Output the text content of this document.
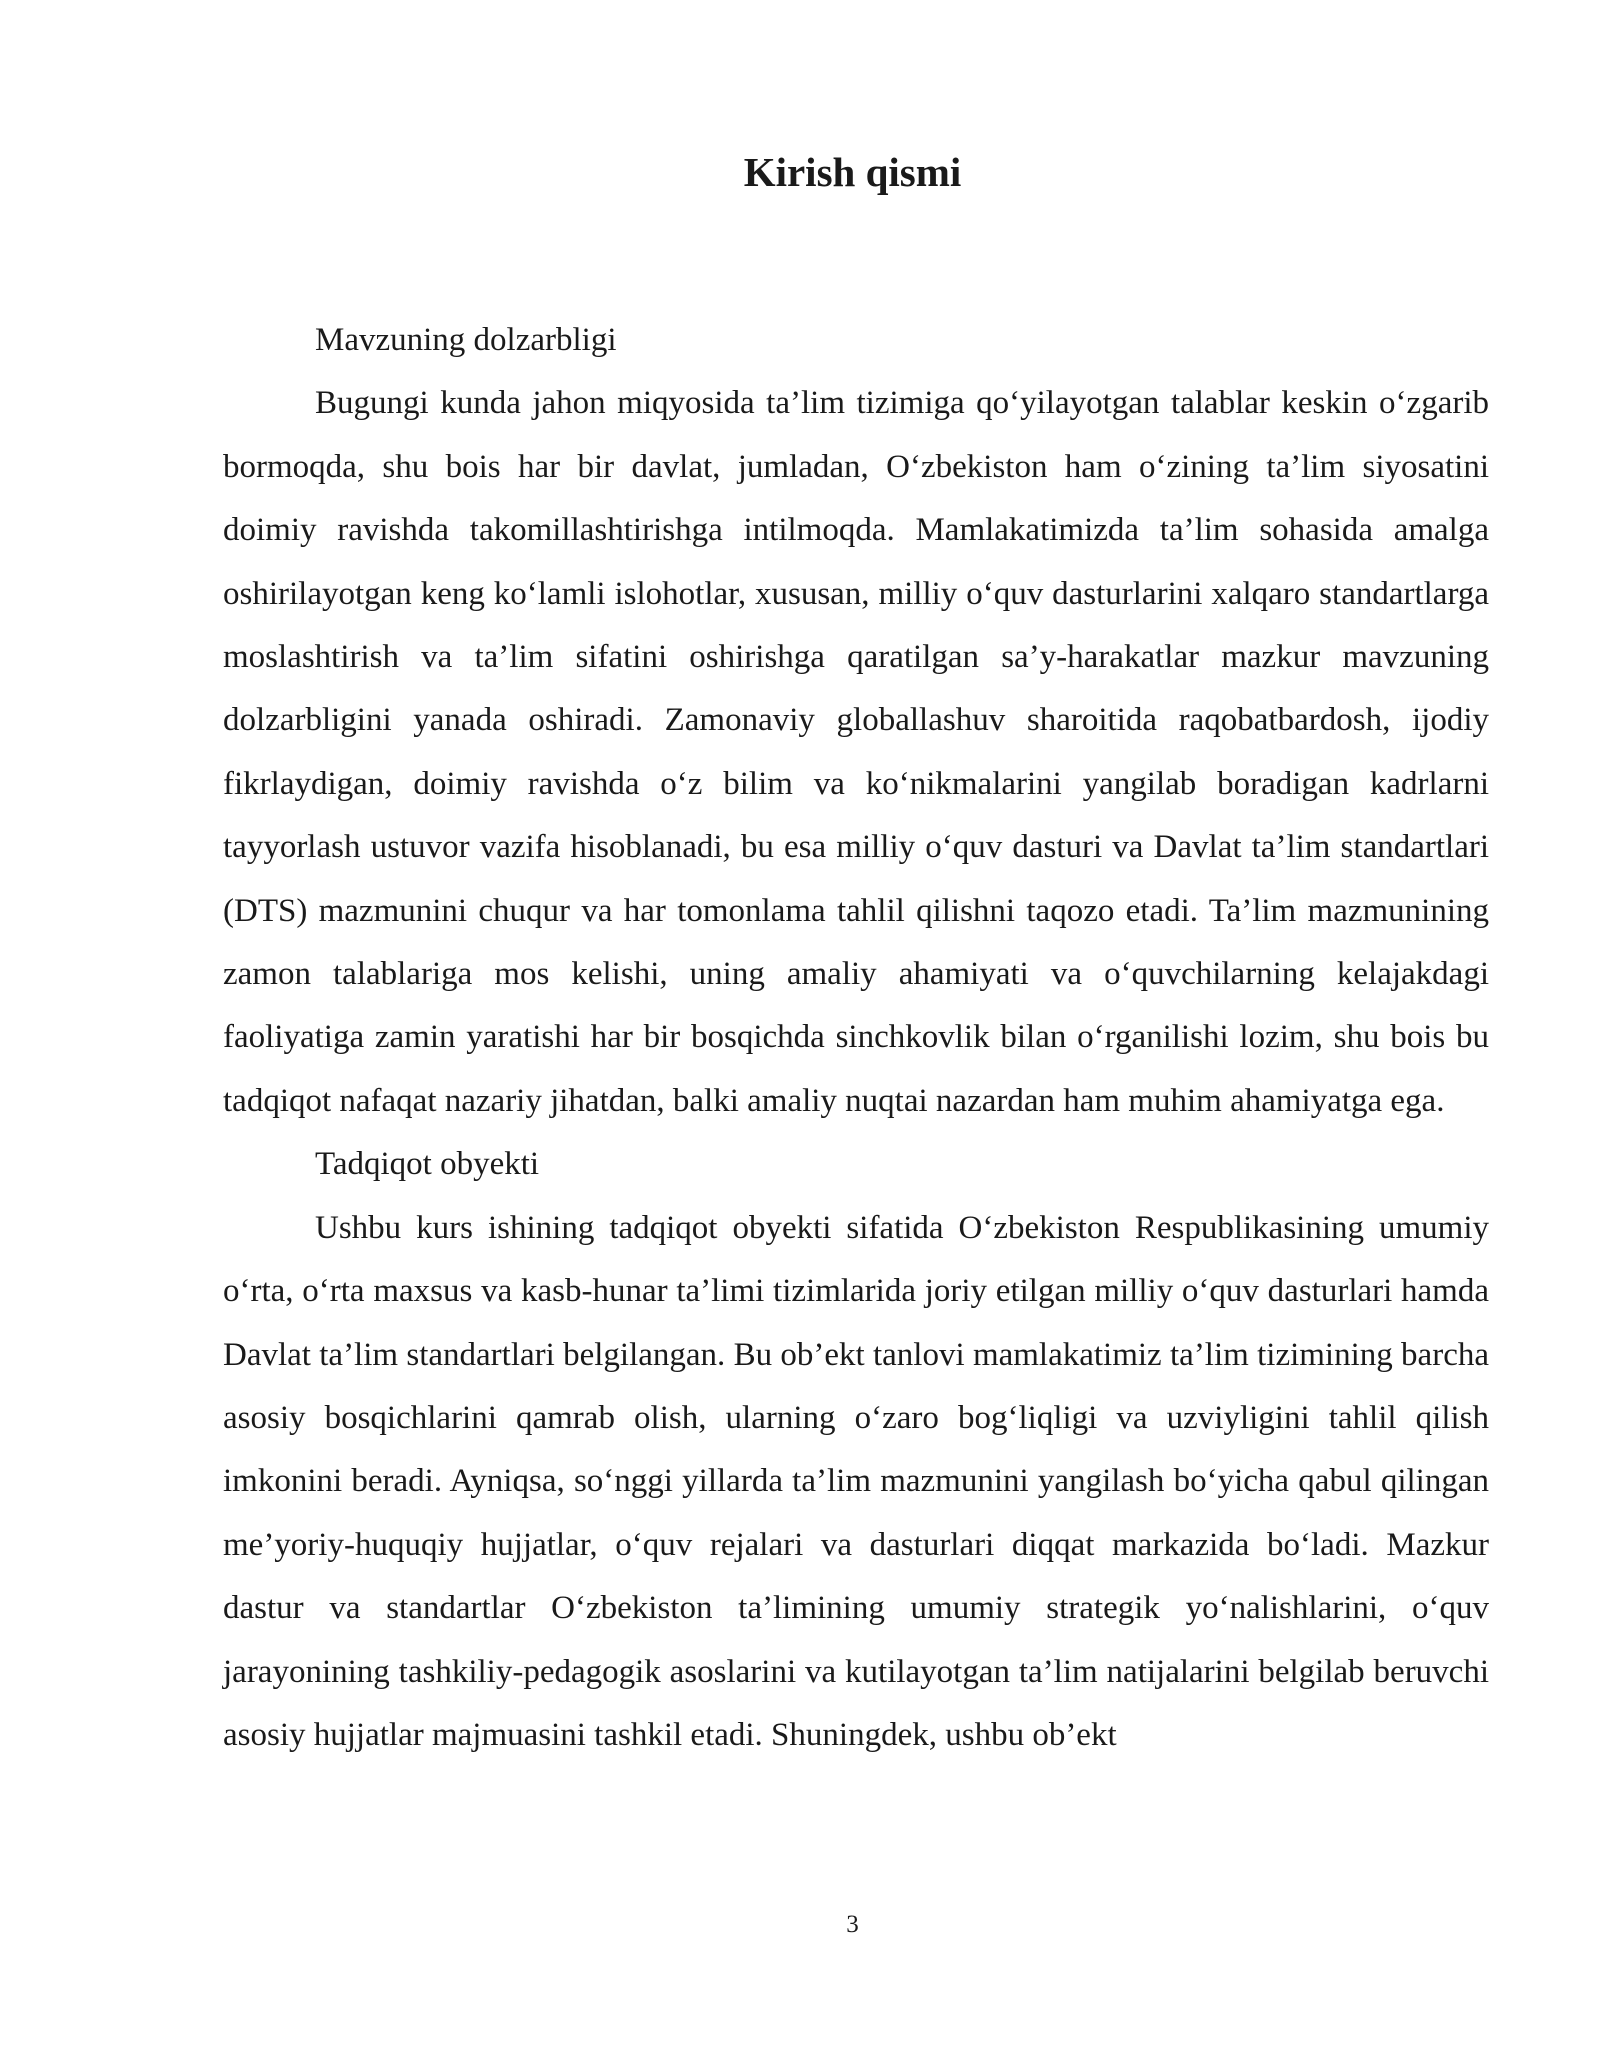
Kirish qismi

Mavzuning dolzarbligi

Bugungi kunda jahon miqyosida ta’lim tizimiga qo‘yilayotgan talablar keskin o‘zgarib bormoqda, shu bois har bir davlat, jumladan, O‘zbekiston ham o‘zining ta’lim siyosatini doimiy ravishda takomillashtirishga intilmoqda. Mamlakatimizda ta’lim sohasida amalga oshirilayotgan keng ko‘lamli islohotlar, xususan, milliy o‘quv dasturlarini xalqaro standartlarga moslashtirish va ta’lim sifatini oshirishga qaratilgan sa’y-harakatlar mazkur mavzuning dolzarbligini yanada oshiradi. Zamonaviy globallashuv sharoitida raqobatbardosh, ijodiy fikrlaydigan, doimiy ravishda o‘z bilim va ko‘nikmalarini yangilab boradigan kadrlarni tayyorlash ustuvor vazifa hisoblanadi, bu esa milliy o‘quv dasturi va Davlat ta’lim standartlari (DTS) mazmunini chuqur va har tomonlama tahlil qilishni taqozo etadi. Ta’lim mazmunining zamon talablariga mos kelishi, uning amaliy ahamiyati va o‘quvchilarning kelajakdagi faoliyatiga zamin yaratishi har bir bosqichda sinchkovlik bilan o‘rganilishi lozim, shu bois bu tadqiqot nafaqat nazariy jihatdan, balki amaliy nuqtai nazardan ham muhim ahamiyatga ega.

Tadqiqot obyekti

Ushbu kurs ishining tadqiqot obyekti sifatida O‘zbekiston Respublikasining umumiy o‘rta, o‘rta maxsus va kasb-hunar ta’limi tizimlarida joriy etilgan milliy o‘quv dasturlari hamda Davlat ta’lim standartlari belgilangan. Bu ob’ekt tanlovi mamlakatimiz ta’lim tizimining barcha asosiy bosqichlarini qamrab olish, ularning o‘zaro bog‘liqligi va uzviyligini tahlil qilish imkonini beradi. Ayniqsa, so‘nggi yillarda ta’lim mazmunini yangilash bo‘yicha qabul qilingan me’yoriy-huquqiy hujjatlar, o‘quv rejalari va dasturlari diqqat markazida bo‘ladi. Mazkur dastur va standartlar O‘zbekiston ta’limining umumiy strategik yo‘nalishlarini, o‘quv jarayonining tashkiliy-pedagogik asoslarini va kutilayotgan ta’lim natijalarini belgilab beruvchi asosiy hujjatlar majmuasini tashkil etadi. Shuningdek, ushbu ob’ekt

3
